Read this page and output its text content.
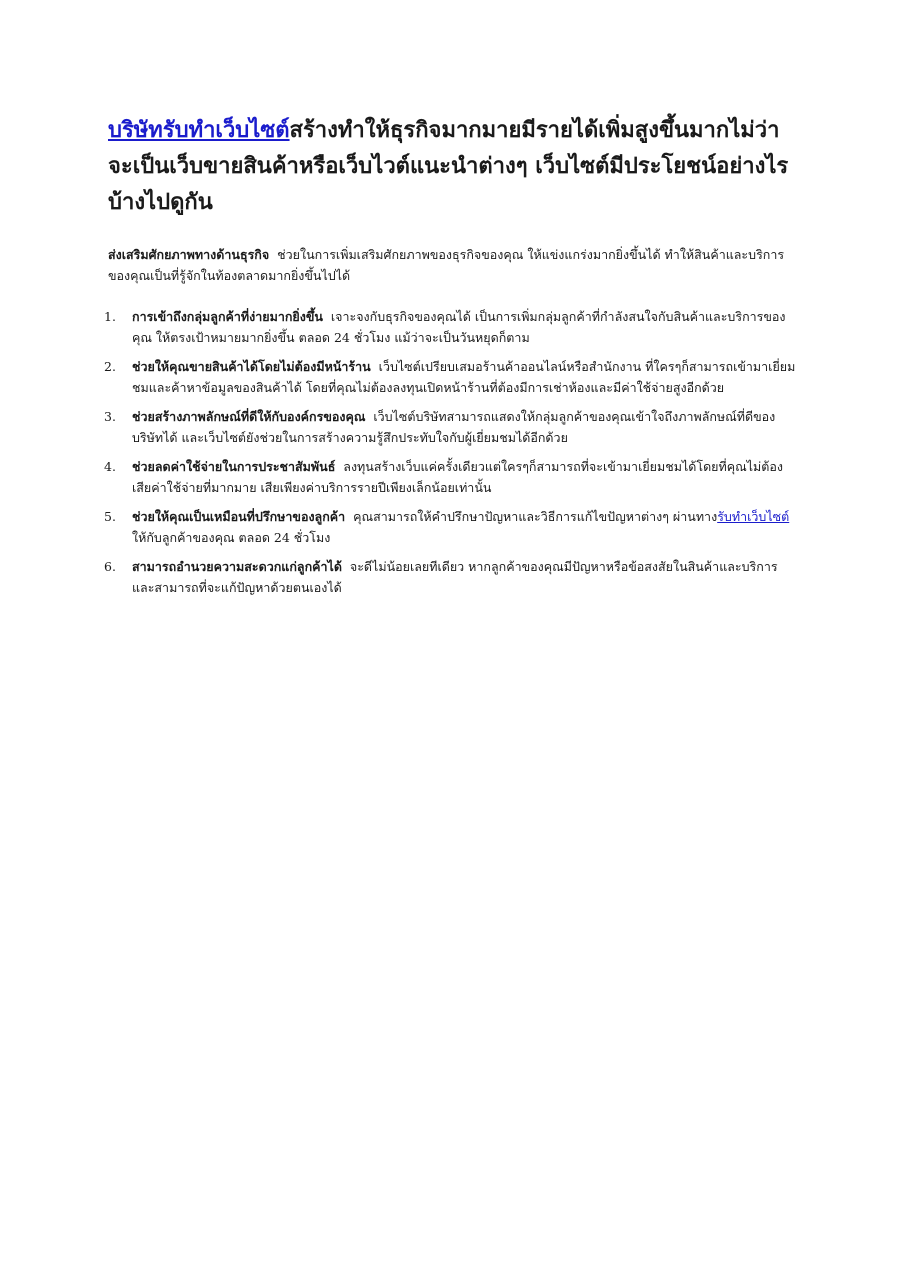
บริษัทรับทำเว็บไซต์สร้างทำให้ธุรกิจมากมายมีรายได้เพิ่มสูงขึ้นมากไม่ว่าจะเป็นเว็บขายสินค้าหรือเว็บไวต์แนะนำต่างๆ เว็บไซต์มีประโยชน์อย่างไรบ้างไปดูกัน

ส่งเสริมศักยภาพทางด้านธุรกิจ ช่วยในการเพิ่มเสริมศักยภาพของธุรกิจของคุณ ให้แข่งแกร่งมากยิ่งขึ้นได้ ทำให้สินค้าและบริการของคุณเป็นที่รู้จักในท้องตลาดมากยิ่งขึ้นไปได้

1.	การเข้าถึงกลุ่มลูกค้าที่ง่ายมากยิ่งขึ้น เจาะจงกับธุรกิจของคุณได้ เป็นการเพิ่มกลุ่มลูกค้าที่กำลังสนใจกับสินค้าและบริการของคุณ ให้ตรงเป้าหมายมากยิ่งขึ้น ตลอด 24 ชั่วโมง แม้ว่าจะเป็นวันหยุดก็ตาม
2.	ช่วยให้คุณขายสินค้าได้โดยไม่ต้องมีหน้าร้าน เว็บไซต์เปรียบเสมอร้านค้าออนไลน์หรือสำนักงาน ที่ใครๆก็สามารถเข้ามาเยี่ยมชมและค้าหาข้อมูลของสินค้าได้ โดยที่คุณไม่ต้องลงทุนเปิดหน้าร้านที่ต้องมีการเช่าห้องและมีค่าใช้จ่ายสูงอีกด้วย
3.	ช่วยสร้างภาพลักษณ์ที่ดีให้กับองค์กรของคุณ เว็บไซต์บริษัทสามารถแสดงให้กลุ่มลูกค้าของคุณเข้าใจถึงภาพลักษณ์ที่ดีของบริษัทได้ และเว็บไซต์ยังช่วยในการสร้างความรู้สึกประทับใจกับผู้เยี่ยมชมได้อีกด้วย
4.	ช่วยลดค่าใช้จ่ายในการประชาสัมพันธ์ ลงทุนสร้างเว็บแค่ครั้งเดียวแต่ใครๆก็สามารถที่จะเข้ามาเยี่ยมชมได้โดยที่คุณไม่ต้องเสียค่าใช้จ่ายที่มากมาย เสียเพียงค่าบริการรายปีเพียงเล็กน้อยเท่านั้น
5.	ช่วยให้คุณเป็นเหมือนที่ปรึกษาของลูกค้า คุณสามารถให้คำปรึกษาปัญหาและวิธีการแก้ไขปัญหาต่างๆ ผ่านทางรับทำเว็บไซต์ให้กับลูกค้าของคุณ ตลอด 24 ชั่วโมง
6.	สามารถอำนวยความสะดวกแก่ลูกค้าได้ จะดีไม่น้อยเลยทีเดียว หากลูกค้าของคุณมีปัญหาหรือข้อสงสัยในสินค้าและบริการ และสามารถที่จะแก้ปัญหาด้วยตนเองได้
